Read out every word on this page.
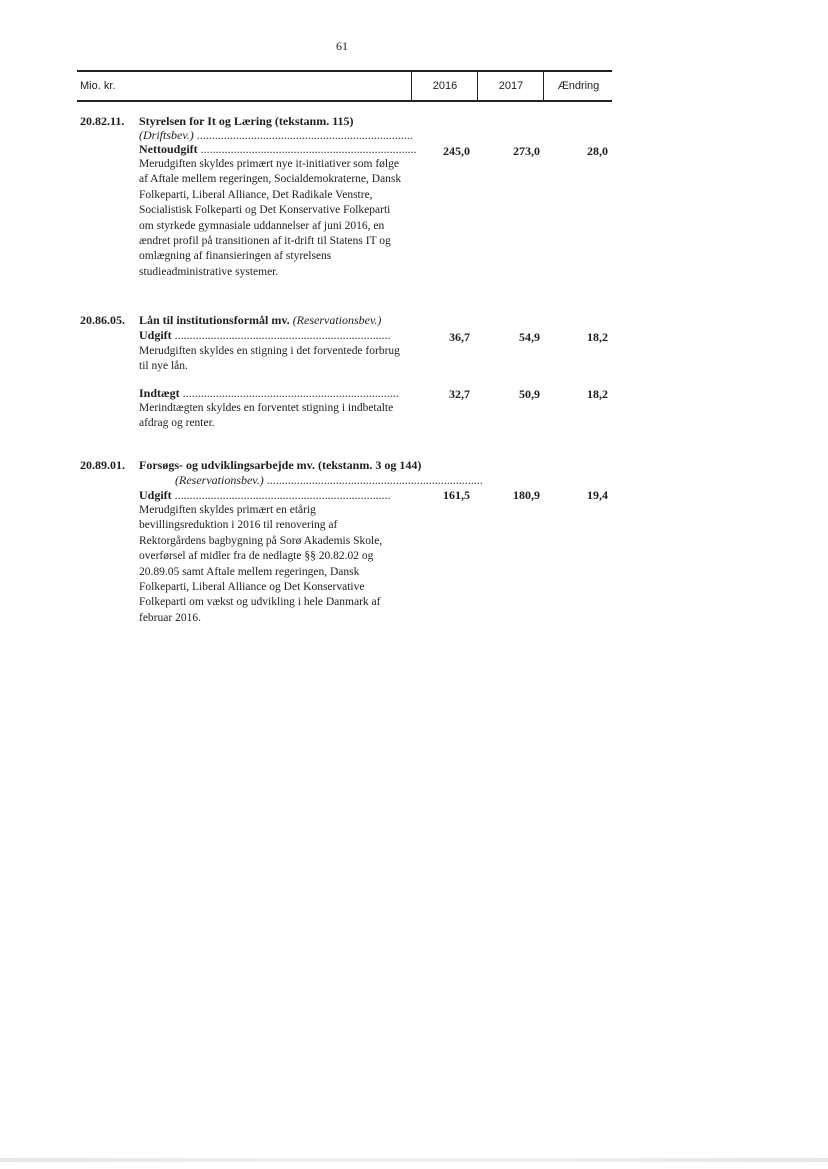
61
Mio. kr.	2016	2017	Ændring
20.82.11. Styrelsen for It og Læring (tekstanm. 115)
(Driftsbev.) ........................................................................
Nettoudgift ........................................................................	245,0	273,0	28,0
Merudgiften skyldes primært nye it-initiativer som følge af Aftale mellem regeringen, Socialdemokraterne, Dansk Folkeparti, Liberal Alliance, Det Radikale Venstre, Socialistisk Folkeparti og Det Konservative Folkeparti om styrkede gymnasiale uddannelser af juni 2016, en ændret profil på transitionen af it-drift til Statens IT og omlægning af finansieringen af styrelsens studieadministrative systemer.
20.86.05. Lån til institutionsformål mv. (Reservationsbev.)
Udgift ........................................................................	36,7	54,9	18,2
Merudgiften skyldes en stigning i det forventede forbrug til nye lån.
Indtægt ........................................................................	32,7	50,9	18,2
Merindtægten skyldes en forventet stigning i indbetalte afdrag og renter.
20.89.01. Forsøgs- og udviklingsarbejde mv. (tekstanm. 3 og 144)
(Reservationsbev.) ........................................................................
Udgift ........................................................................	161,5	180,9	19,4
Merudgiften skyldes primært en etårig bevillingsreduktion i 2016 til renovering af Rektorgårdens bagbygning på Sorø Akademis Skole, overførsel af midler fra de nedlagte §§ 20.82.02 og 20.89.05 samt Aftale mellem regeringen, Dansk Folkeparti, Liberal Alliance og Det Konservative Folkeparti om vækst og udvikling i hele Danmark af februar 2016.
